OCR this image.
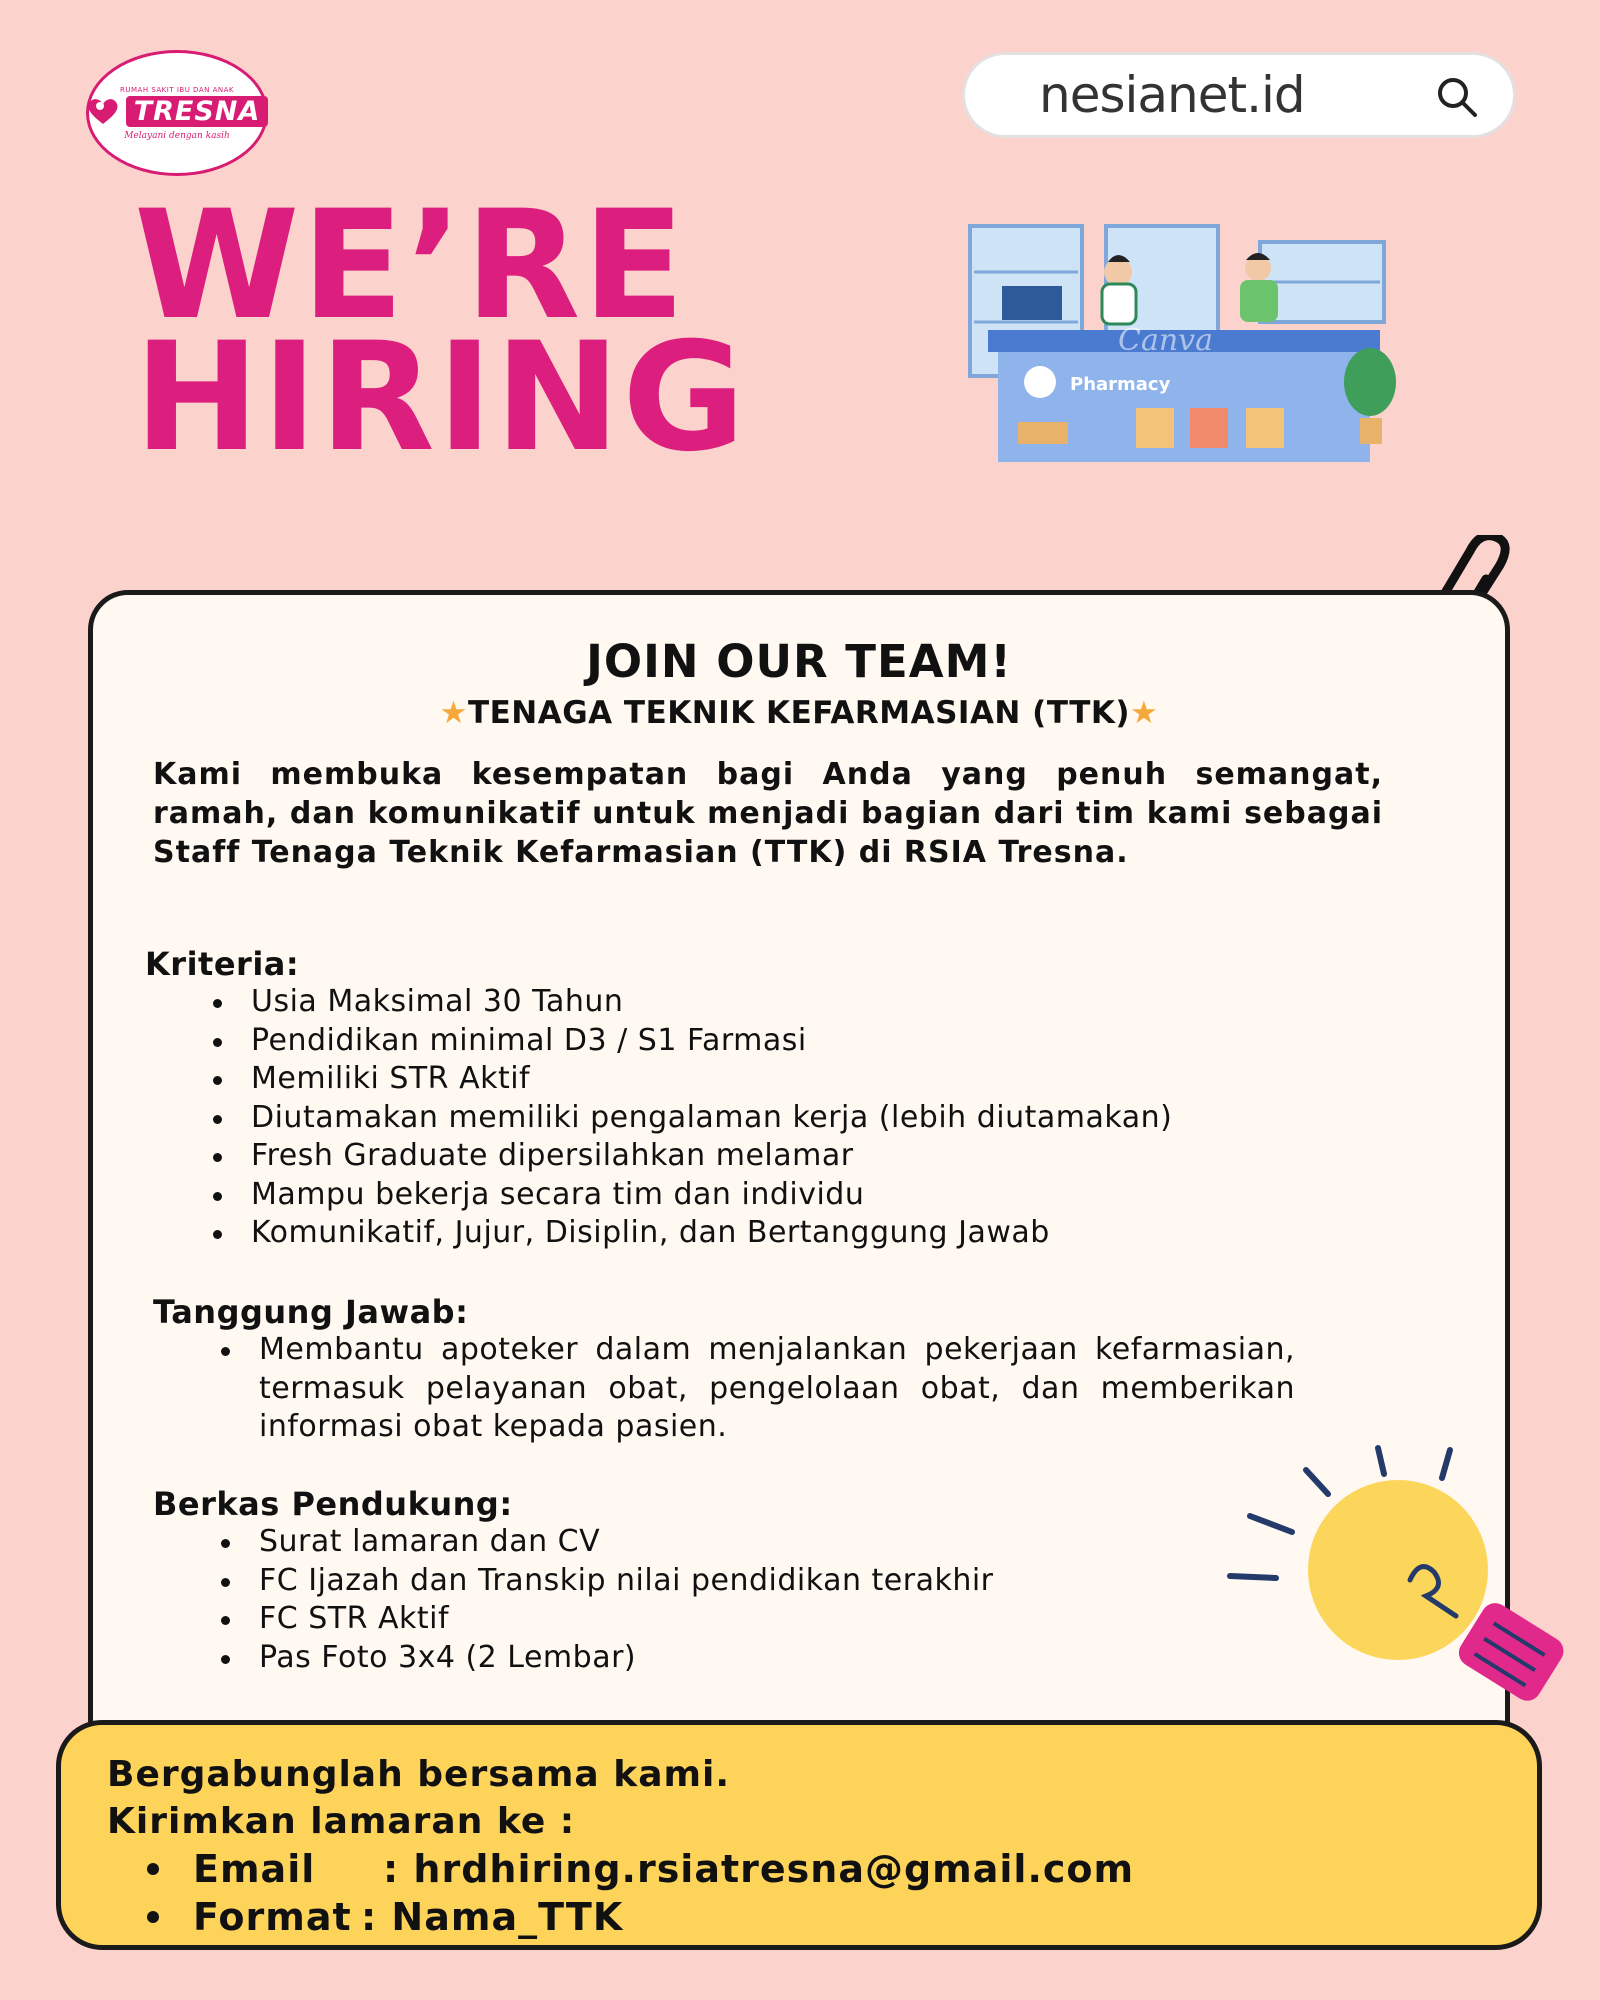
RUMAH SAKIT IBU DAN ANAK
TRESNA
Melayani dengan kasih
nesianet.id
WE’RE
HIRING	Pharmacy
Canva
JOIN OUR TEAM!
★TENAGA TEKNIK KEFARMASIAN (TTK)★
Kami membuka kesempatan bagi Anda yang penuh semangat, ramah, dan komunikatif untuk menjadi bagian dari tim kami sebagai Staff Tenaga Teknik Kefarmasian (TTK) di RSIA Tresna.
Kriteria:
Usia Maksimal 30 Tahun
Pendidikan minimal D3 / S1 Farmasi
Memiliki STR Aktif
Diutamakan memiliki pengalaman kerja (lebih diutamakan)
Fresh Graduate dipersilahkan melamar
Mampu bekerja secara tim dan individu
Komunikatif, Jujur, Disiplin, dan Bertanggung Jawab
Tanggung Jawab:
Membantu apoteker dalam menjalankan pekerjaan kefarmasian, termasuk pelayanan obat, pengelolaan obat, dan memberikan informasi obat kepada pasien.
Berkas Pendukung:
Surat lamaran dan CV
FC Ijazah dan Transkip nilai pendidikan terakhir
FC STR Aktif
Pas Foto 3x4 (2 Lembar)
Bergabunglah bersama kami.
Kirimkan lamaran ke :
Email	: hrdhiring.rsiatresna@gmail.com
Format : Nama_TTK
